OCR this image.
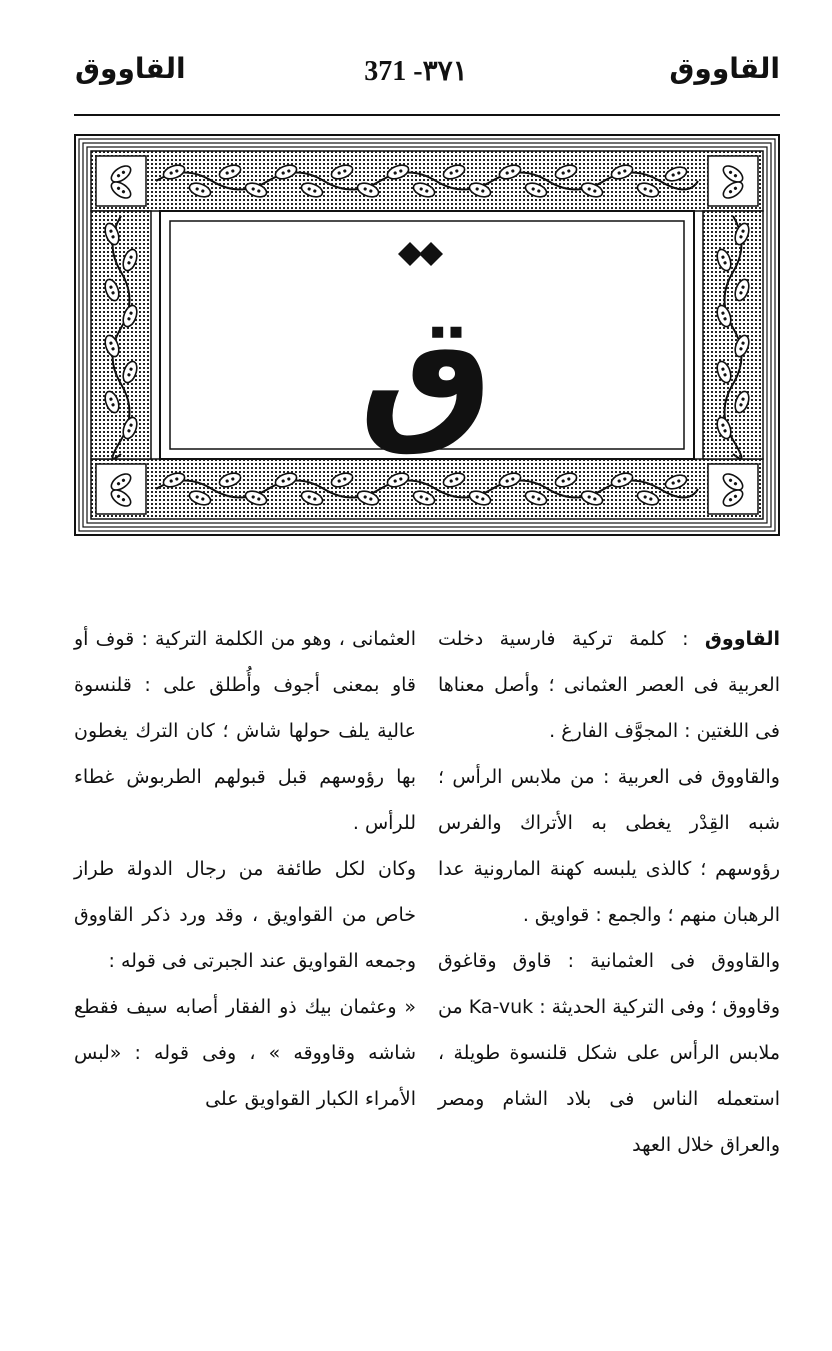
القاووق
371 -٣٧١
القاووق
ق

القاووق : كلمة تركية فارسية دخلت العربية فى العصر العثمانى ؛ وأصل معناها فى اللغتين : المجوَّف الفارغ .

والقاووق فى العربية : من ملابس الرأس ؛ شبه القِدْر يغطى به الأتراك والفرس رؤوسهم ؛ كالذى يلبسه كهنة المارونية عدا الرهبان منهم ؛ والجمع : قواويق .

والقاووق فى العثمانية : قاوق وقاغوق وقاووق ؛ وفى التركية الحديثة : Ka-vuk من ملابس الرأس على شكل قلنسوة طويلة ، استعمله الناس فى بلاد الشام ومصر والعراق خلال العهد

العثمانى ، وهو من الكلمة التركية : قوف أو قاو بمعنى أجوف وأُطلق على : قلنسوة عالية يلف حولها شاش ؛ كان الترك يغطون بها رؤوسهم قبل قبولهم الطربوش غطاء للرأس .

وكان لكل طائفة من رجال الدولة طراز خاص من القواويق ، وقد ورد ذكر القاووق وجمعه القواويق عند الجبرتى فى قوله :

« وعثمان بيك ذو الفقار أصابه سيف فقطع شاشه وقاووقه » ، وفى قوله : «لبس الأمراء الكبار القواويق على
